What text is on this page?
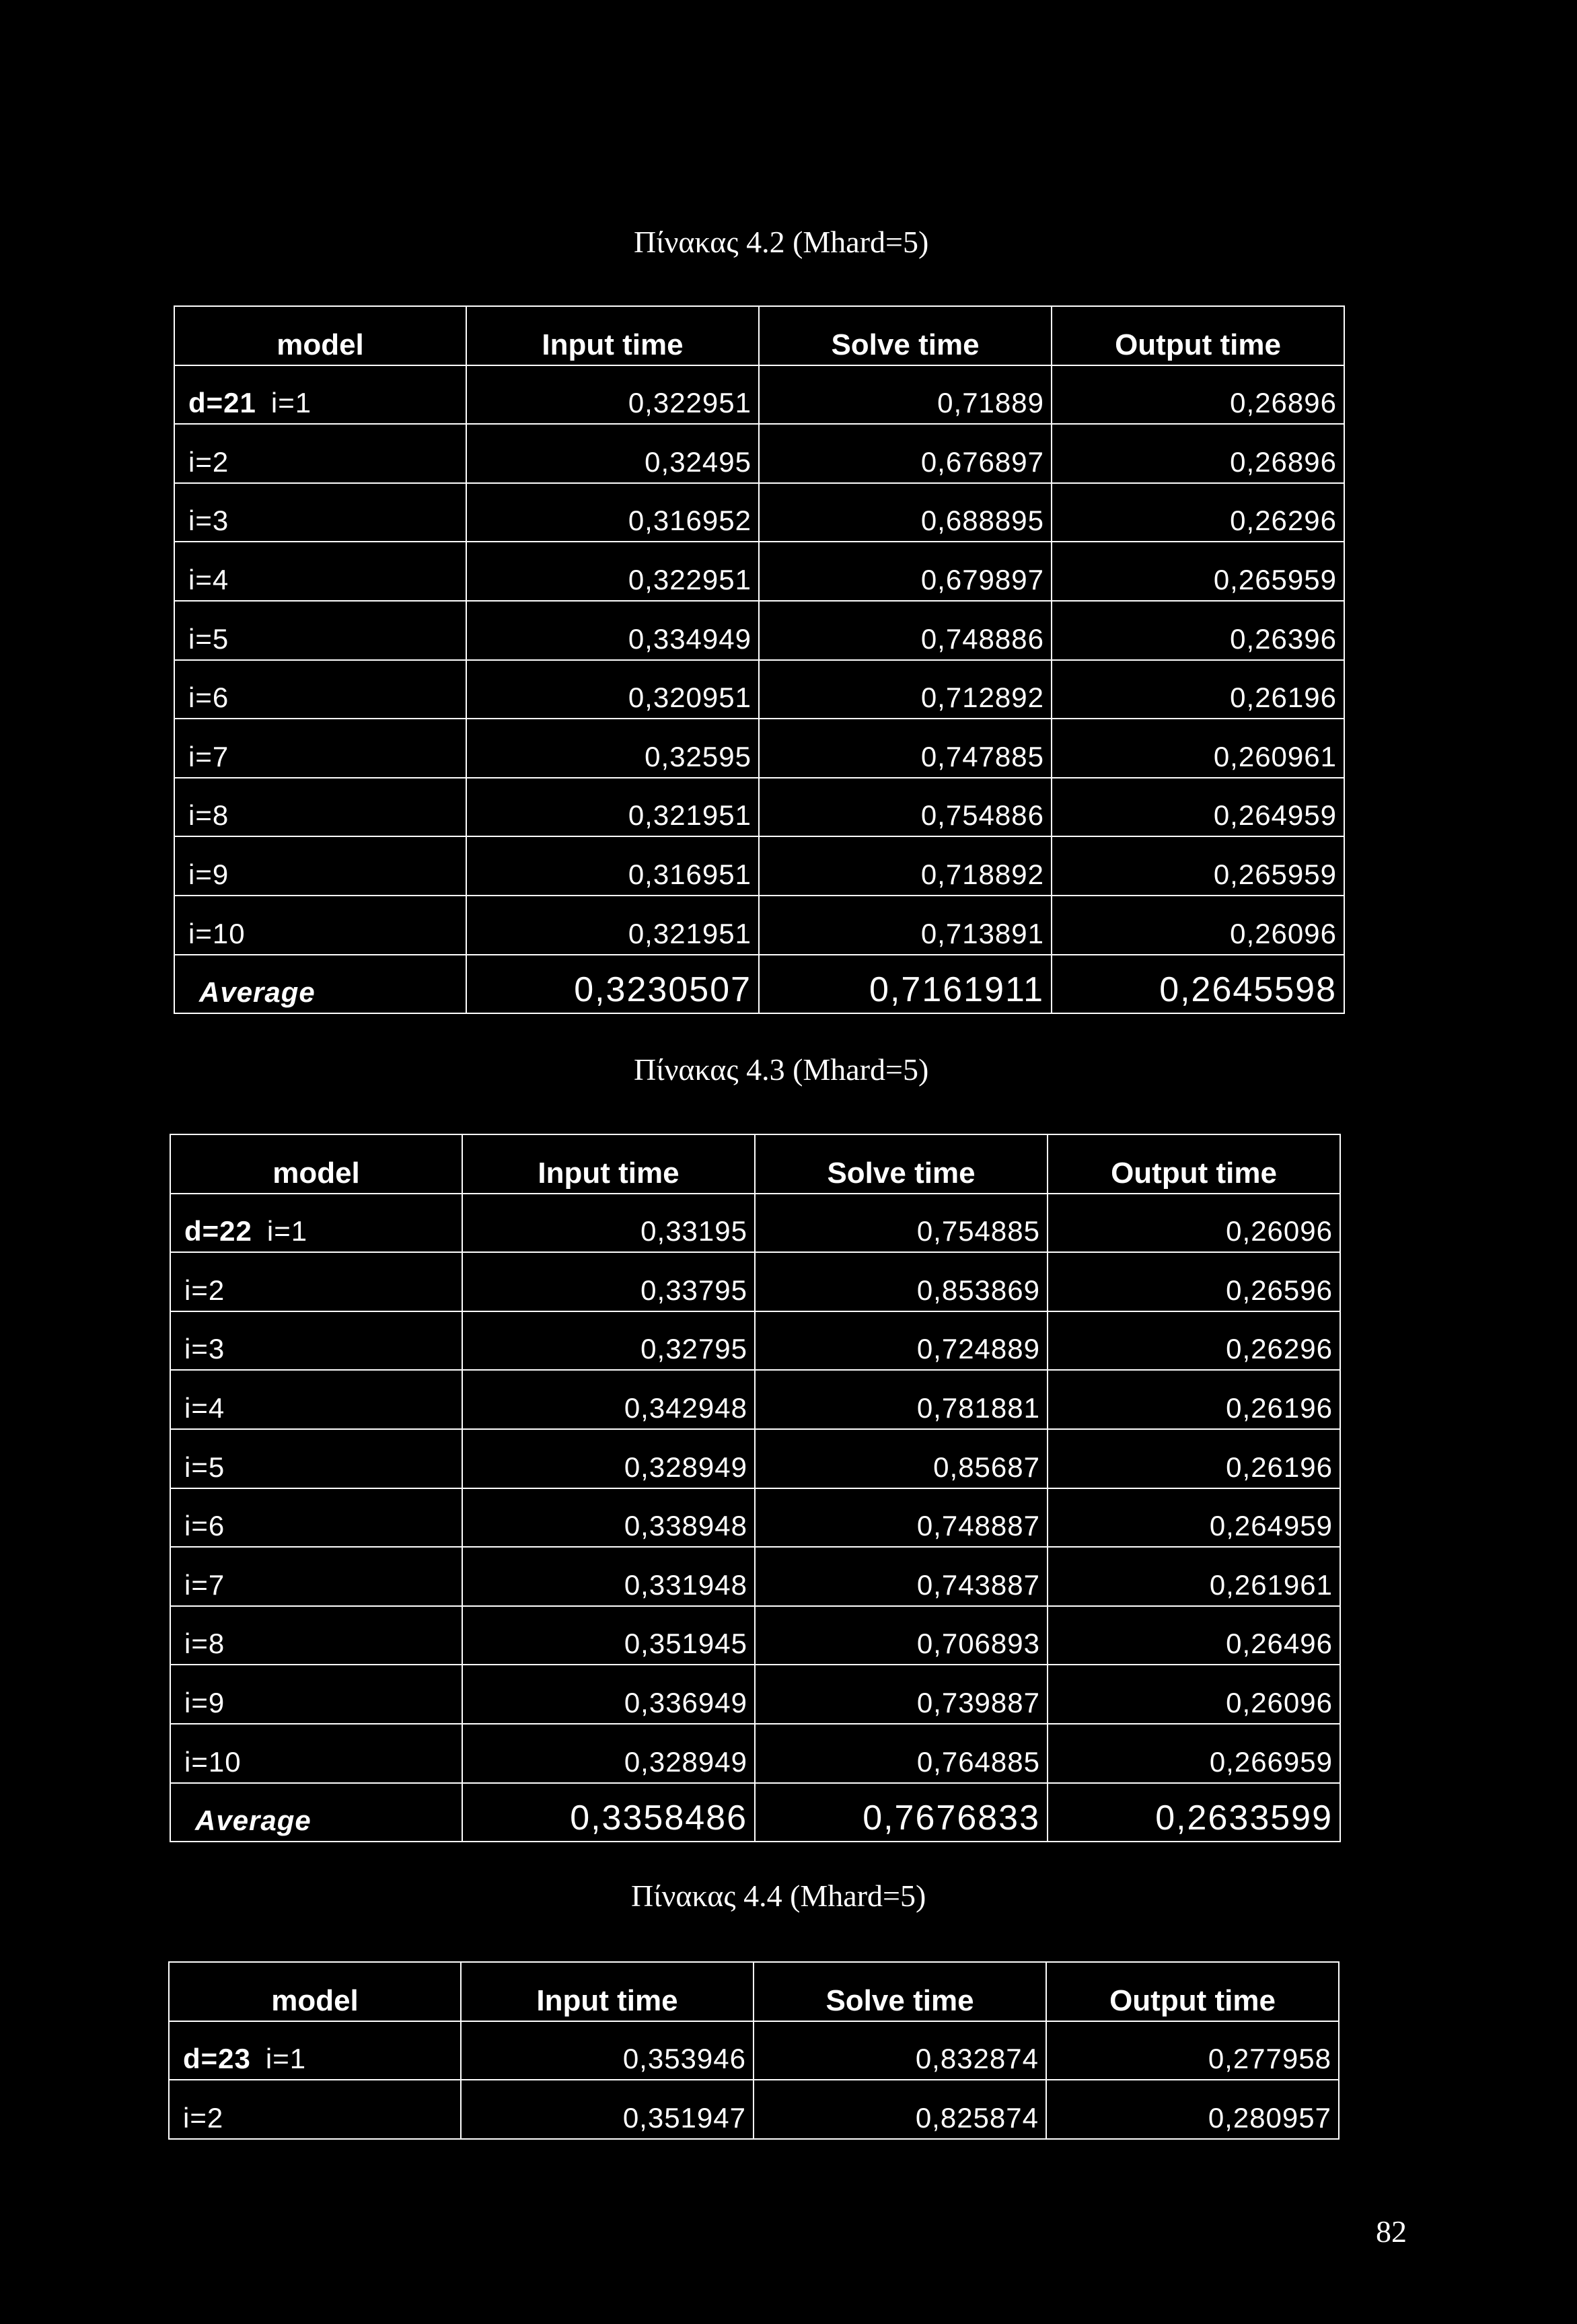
Πίνακας 4.2 (Mhard=5)
model	Input time	Solve time	Output time
d=21 i=1	0,322951	0,71889	0,26896
i=2	0,32495	0,676897	0,26896
i=3	0,316952	0,688895	0,26296
i=4	0,322951	0,679897	0,265959
i=5	0,334949	0,748886	0,26396
i=6	0,320951	0,712892	0,26196
i=7	0,32595	0,747885	0,260961
i=8	0,321951	0,754886	0,264959
i=9	0,316951	0,718892	0,265959
i=10	0,321951	0,713891	0,26096
Average	0,3230507	0,7161911	0,2645598
Πίνακας 4.3 (Mhard=5)
model	Input time	Solve time	Output time
d=22 i=1	0,33195	0,754885	0,26096
i=2	0,33795	0,853869	0,26596
i=3	0,32795	0,724889	0,26296
i=4	0,342948	0,781881	0,26196
i=5	0,328949	0,85687	0,26196
i=6	0,338948	0,748887	0,264959
i=7	0,331948	0,743887	0,261961
i=8	0,351945	0,706893	0,26496
i=9	0,336949	0,739887	0,26096
i=10	0,328949	0,764885	0,266959
Average	0,3358486	0,7676833	0,2633599
Πίνακας 4.4 (Mhard=5)
model	Input time	Solve time	Output time
d=23 i=1	0,353946	0,832874	0,277958
i=2	0,351947	0,825874	0,280957
82
